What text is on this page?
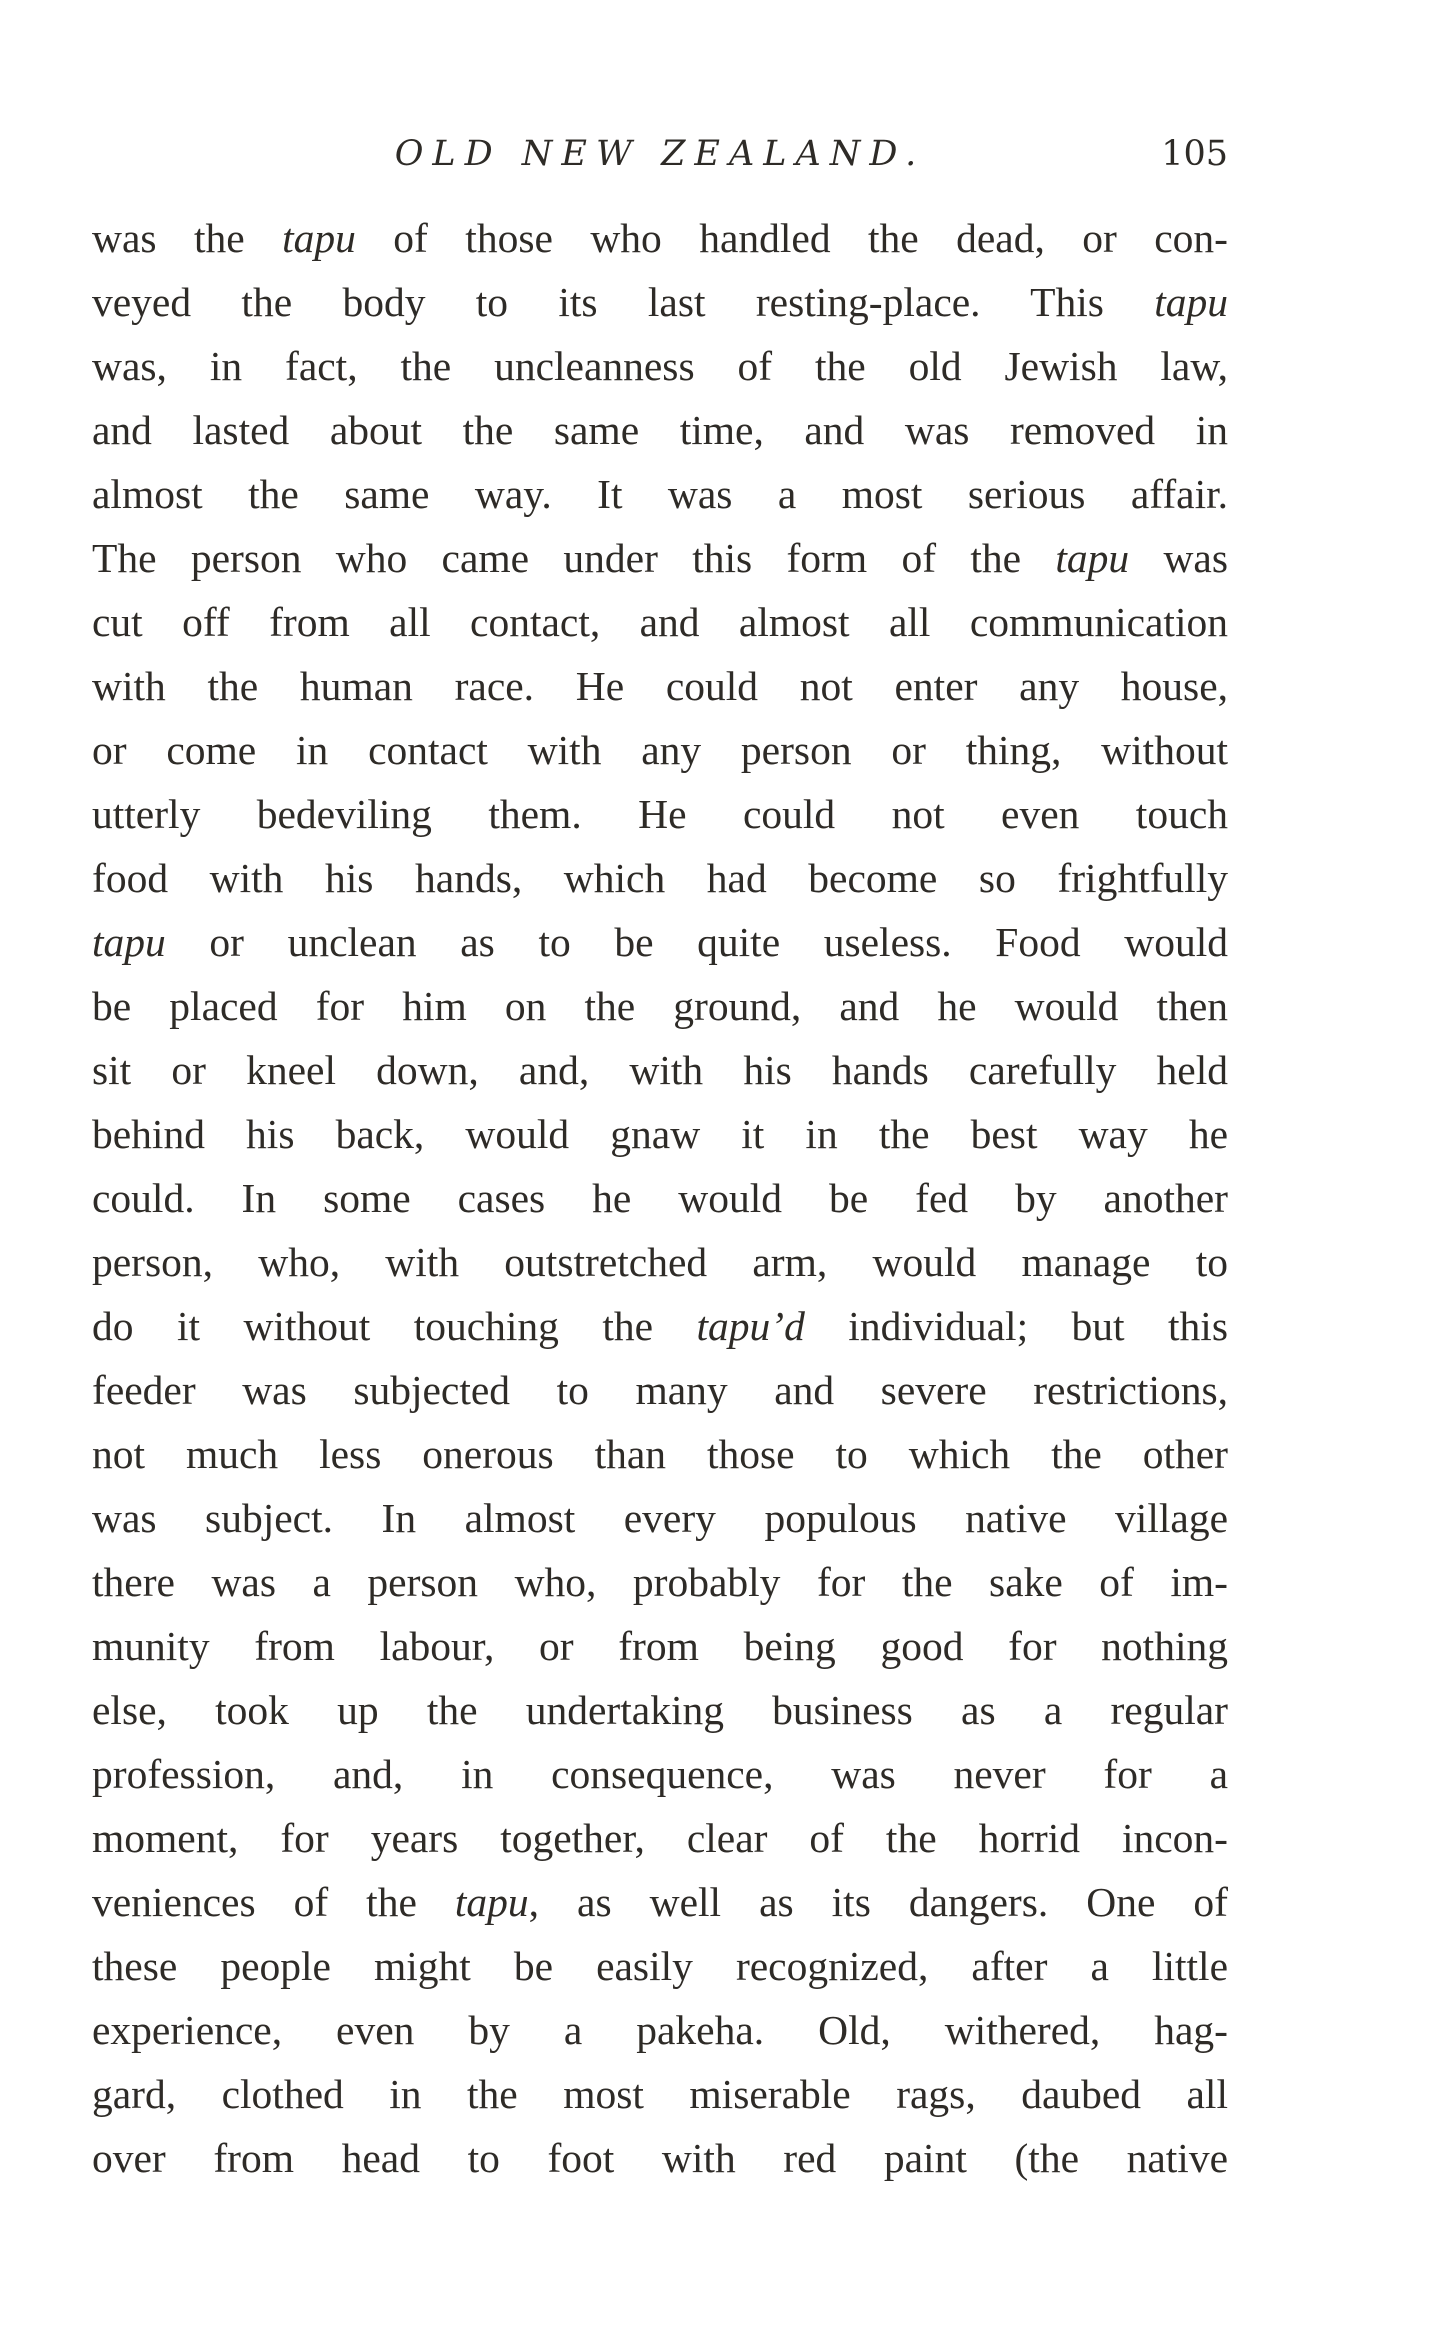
OLD NEW ZEALAND.	105
was the tapu of those who handled the dead, or con-
veyed the body to its last resting-place. This tapu
was, in fact, the uncleanness of the old Jewish law,
and lasted about the same time, and was removed in
almost the same way. It was a most serious affair.
The person who came under this form of the tapu was
cut off from all contact, and almost all communication
with the human race. He could not enter any house,
or come in contact with any person or thing, without
utterly bedeviling them. He could not even touch
food with his hands, which had become so frightfully
tapu or unclean as to be quite useless. Food would
be placed for him on the ground, and he would then
sit or kneel down, and, with his hands carefully held
behind his back, would gnaw it in the best way he
could. In some cases he would be fed by another
person, who, with outstretched arm, would manage to
do it without touching the tapu’d individual; but this
feeder was subjected to many and severe restrictions,
not much less onerous than those to which the other
was subject. In almost every populous native village
there was a person who, probably for the sake of im-
munity from labour, or from being good for nothing
else, took up the undertaking business as a regular
profession, and, in consequence, was never for a
moment, for years together, clear of the horrid incon-
veniences of the tapu, as well as its dangers. One of
these people might be easily recognized, after a little
experience, even by a pakeha. Old, withered, hag-
gard, clothed in the most miserable rags, daubed all
over from head to foot with red paint (the native
